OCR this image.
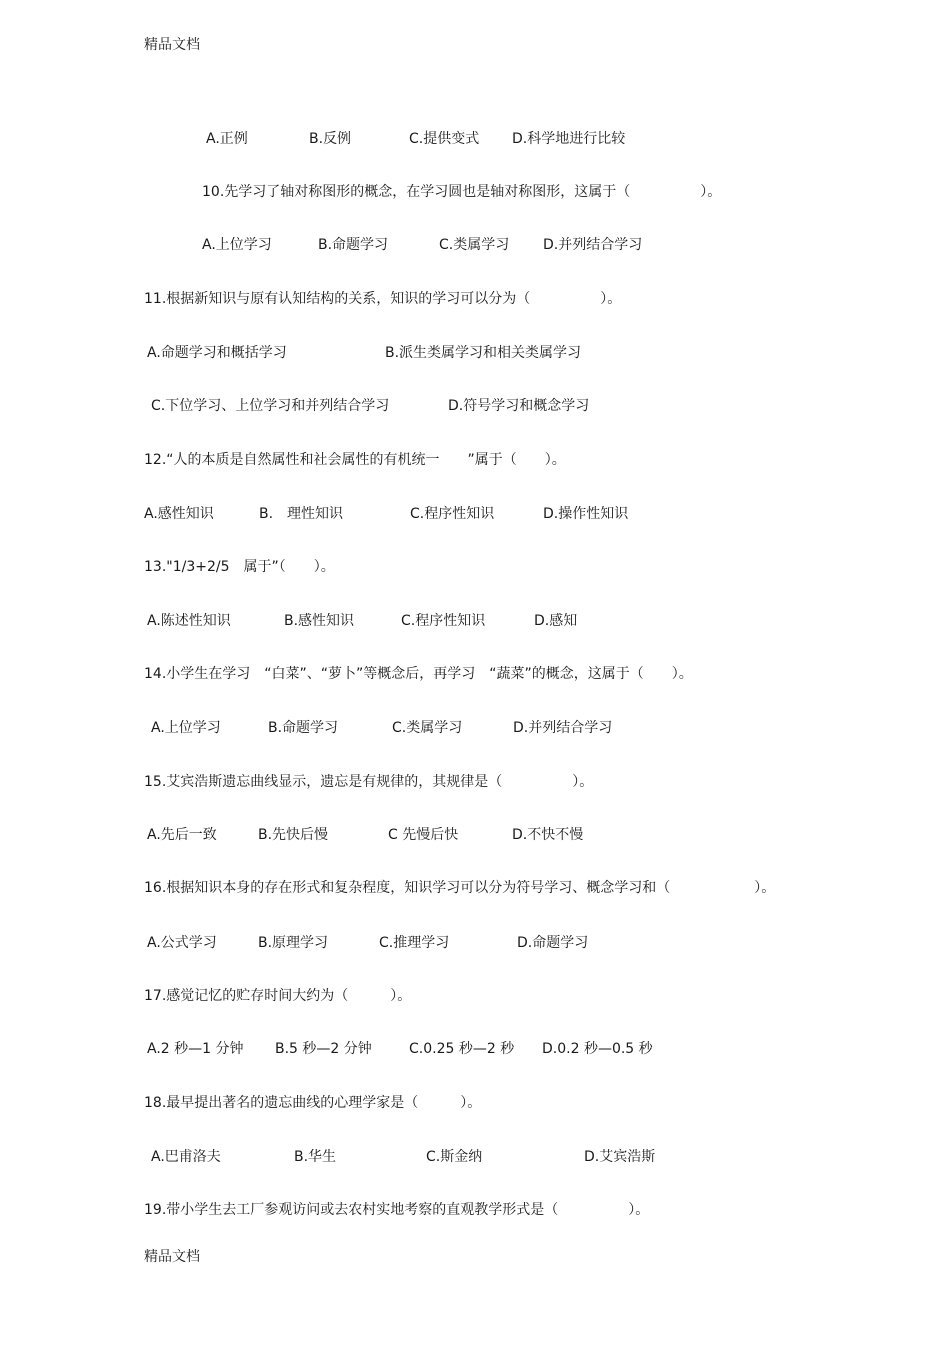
精品文档
A.正例	B.反例	C.提供变式 D.科学地进行比较
10.先学习了轴对称图形的概念，在学习圆也是轴对称图形，这属于（　　　　　）。
A.上位学习	B.命题学习	C.类属学习 D.并列结合学习
11.根据新知识与原有认知结构的关系，知识的学习可以分为（　　　　　）。
A.命题学习和概括学习	B.派生类属学习和相关类属学习
C.下位学习、上位学习和并列结合学习	D.符号学习和概念学习
12.“人的本质是自然属性和社会属性的有机统一　　”属于（　　）。
A.感性知识	B.　理性知识	C.程序性知识	D.操作性知识
13."1/3+2/5　属于”（　　）。
A.陈述性知识	B.感性知识	C.程序性知识	D.感知
14.小学生在学习　“白菜”、“萝卜”等概念后，再学习　“蔬菜”的概念，这属于（　　）。
A.上位学习	B.命题学习	C.类属学习	D.并列结合学习
15.艾宾浩斯遗忘曲线显示，遗忘是有规律的，其规律是（　　　　　）。
A.先后一致	B.先快后慢	C 先慢后快	D.不快不慢
16.根据知识本身的存在形式和复杂程度，知识学习可以分为符号学习、概念学习和（　　　　　　）。
A.公式学习	B.原理学习	C.推理学习	D.命题学习
17.感觉记忆的贮存时间大约为（　　　）。
A.2 秒—1 分钟 B.5 秒—2 分钟	C.0.25 秒—2 秒 D.0.2 秒—0.5 秒
18.最早提出著名的遗忘曲线的心理学家是（　　　）。
A.巴甫洛夫	B.华生	C.斯金纳	D.艾宾浩斯
19.带小学生去工厂参观访问或去农村实地考察的直观教学形式是（　　　　　）。
精品文档
